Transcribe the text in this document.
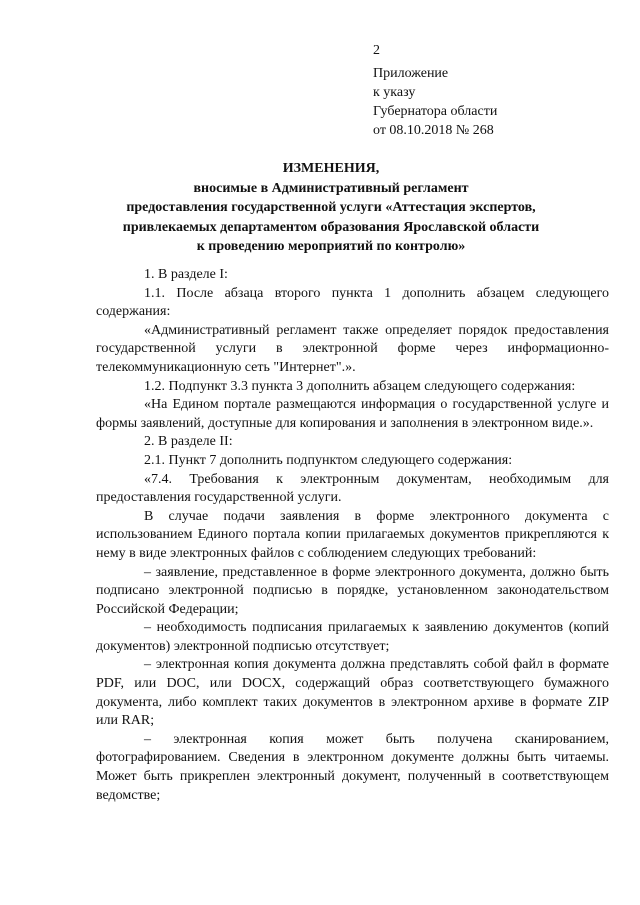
2
Приложение
к указу
Губернатора области
от 08.10.2018 № 268
ИЗМЕНЕНИЯ,
вносимые в Административный регламент
предоставления государственной услуги «Аттестация экспертов,
привлекаемых департаментом образования Ярославской области
к проведению мероприятий по контролю»

1. В разделе I:

1.1. После абзаца второго пункта 1 дополнить абзацем следующего содержания:

«Административный регламент также определяет порядок предоставления государственной услуги в электронной форме через информационно-телекоммуникационную сеть "Интернет".».

1.2. Подпункт 3.3 пункта 3 дополнить абзацем следующего содержания:

«На Едином портале размещаются информация о государственной услуге и формы заявлений, доступные для копирования и заполнения в электронном виде.».

2. В разделе II:

2.1. Пункт 7 дополнить подпунктом следующего содержания:

«7.4. Требования к электронным документам, необходимым для предоставления государственной услуги.

В случае подачи заявления в форме электронного документа с использованием Единого портала копии прилагаемых документов прикрепляются к нему в виде электронных файлов с соблюдением следующих требований:

– заявление, представленное в форме электронного документа, должно быть подписано электронной подписью в порядке, установленном законодательством Российской Федерации;

– необходимость подписания прилагаемых к заявлению документов (копий документов) электронной подписью отсутствует;

– электронная копия документа должна представлять собой файл в формате PDF, или DOC, или DOCX, содержащий образ соответствующего бумажного документа, либо комплект таких документов в электронном архиве в формате ZIP или RAR;

– электронная копия может быть получена сканированием, фотографированием. Сведения в электронном документе должны быть читаемы. Может быть прикреплен электронный документ, полученный в соответствующем ведомстве;
